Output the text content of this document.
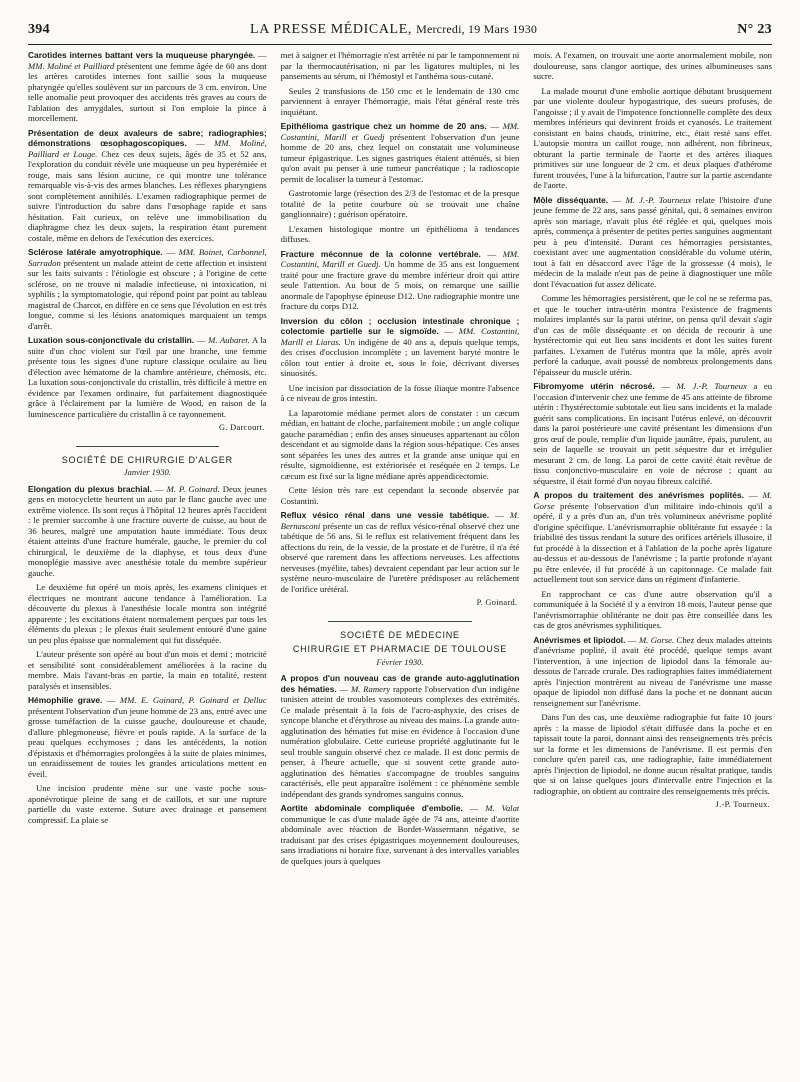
394	LA PRESSE MÉDICALE, Mercredi, 19 Mars 1930	N° 23

Carotides internes battant vers la muqueuse pharyngée. — MM. Moliné et Pailliard présentent une femme âgée de 60 ans dont les artères carotides internes font saillie sous la muqueuse pharyngée qu'elles soulèvent sur un parcours de 3 cm. environ. Une telle anomalie peut provoquer des accidents très graves au cours de l'ablation des amygdales, surtout si l'on emploie la pince à morcellement.

Présentation de deux avaleurs de sabre; radiographies; démonstrations œsophagoscopiques. — MM. Moliné, Pailliard et Louge. Chez ces deux sujets, âgés de 35 et 52 ans, l'exploration du conduit révèle une muqueuse un peu hyperémiée et rouge, mais sans lésion aucune, ce qui montre une tolérance remarquable vis-à-vis des armes blanches. Les réflexes pharyngiens sont complètement annihilés. L'examen radiographique permet de suivre l'introduction du sabre dans l'œsophage rapide et sans hésitation. Fait curieux, on relève une immobilisation du diaphragme chez les deux sujets, la respiration étant purement costale, même en dehors de l'exécution des exercices.

Sclérose latérale amyotrophique. — MM. Boinet, Carbonnel, Sarradon présentent un malade atteint de cette affection et insistent sur les faits suivants : l'étiologie est obscure ; à l'origine de cette sclérose, on ne trouve ni maladie infectieuse, ni intoxication, ni syphilis ; la symptomatologie, qui répond point par point au tableau magistral de Charcot, en diffère en ce sens que l'évolution en est très longue, comme si les lésions anatomiques marquaient un temps d'arrêt.

Luxation sous-conjonctivale du cristallin. — M. Aubaret. A la suite d'un choc violent sur l'œil par une branche, une femme présente tous les signes d'une rupture classique oculaire au lieu d'élection avec hématome de la chambre antérieure, chémosis, etc. La luxation sous-conjonctivale du cristallin, très difficile à mettre en évidence par l'examen ordinaire, fut parfaitement diagnostiquée grâce à l'éclairement par la lumière de Wood, en raison de la luminescence particulière du cristallin à ce rayonnement.

G. Darcourt.
SOCIÉTÉ DE CHIRURGIE D'ALGER
Janvier 1930.

Elongation du plexus brachial. — M. P. Goinard. Deux jeunes gens en motocyclette heurtent un auto par le flanc gauche avec une extrême violence. Ils sont reçus à l'hôpital 12 heures après l'accident : le premier succombe à une fracture ouverte de cuisse, au bout de 36 heures, malgré une amputation haute immédiate. Tous deux étaient atteints d'une fracture humérale, gauche, le premier du col chirurgical, le deuxième de la diaphyse, et tous deux d'une monoplégie massive avec anesthésie totale du membre supérieur gauche.

Le deuxième fut opéré un mois après, les examens cliniques et électriques ne montrant aucune tendance à l'amélioration. La découverte du plexus à l'anesthésie locale montra son intégrité apparente ; les excitations étaient normalement perçues par tous les éléments du plexus ; le plexus était seulement entouré d'une gaine un peu plus épaisse que normalement qui fut disséquée.

L'auteur présente son opéré au bout d'un mois et demi ; motricité et sensibilité sont considérablement améliorées à la racine du membre. Mais l'avant-bras en partie, la main en totalité, restent paralysés et insensibles.

Hémophilie grave. — MM. E. Goinard, P. Goinard et Delluc présentent l'observation d'un jeune homme de 23 ans, entré avec une grosse tuméfaction de la cuisse gauche, douloureuse et chaude, d'allure phlegmoneuse, fièvre et pouls rapide. A la surface de la peau quelques ecchymoses ; dans les antécédents, la notion d'épistaxis et d'hémorragies prolongées à la suite de plaies minimes, un enraidissement de toutes les grandes articulations mettent en éveil.

Une incision prudente mène sur une vaste poche sous-aponévrotique pleine de sang et de caillots, et sur une rupture partielle du vaste externe. Suture avec drainage et pansement compressif. La plaie se

met à saigner et l'hémorragie n'est arrêtée ni par le tamponnement ni par la thermocautérisation, ni par les ligatures multiples, ni les pansements au sérum, ni l'hémostyl et l'anthéma sous-cutané.

Seules 2 transfusions de 150 cmc et le lendemain de 130 cmc parviennent à enrayer l'hémorragie, mais l'état général reste très inquiétant.

Epithélioma gastrique chez un homme de 20 ans. — MM. Costantini, Marill et Guedj présentent l'observation d'un jeune homme de 20 ans, chez lequel on constatait une volumineuse tumeur épigastrique. Les signes gastriques étaient atténués, si bien qu'on avait pu penser à une tumeur pancréatique ; la radioscopie permit de localiser la tumeur à l'estomac.

Gastrotomie large (résection des 2/3 de l'estomac et de la presque totalité de la petite courbure où se trouvait une chaîne ganglionnaire) ; guérison opératoire.

L'examen histologique montre un épithélioma à tendances diffuses.

Fracture méconnue de la colonne vertébrale. — MM. Costantini, Marill et Guedj. Un homme de 35 ans est longuement traité pour une fracture grave du membre inférieur droit qui attire seule l'attention. Au bout de 5 mois, on remarque une saillie anormale de l'apophyse épineuse D12. Une radiographie montre une fracture du corps D12.

Inversion du côlon ; occlusion intestinale chronique ; colectomie partielle sur le sigmoïde. — MM. Costantini, Marill et Liaras. Un indigène de 40 ans a, depuis quelque temps, des crises d'occlusion incomplète ; un lavement baryté montre le côlon tout entier à droite et, sous le foie, décrivant diverses sinuosités.

Une incision par dissociation de la fosse iliaque montre l'absence à ce niveau de gros intestin.

La laparotomie médiane permet alors de constater : un cæcum médian, en battant de cloche, parfaitement mobile ; un angle colique gauche paramédian ; enfin des anses sinueuses appartenant au côlon descendant et au sigmoïde dans la région sous-hépatique. Ces anses sont séparées les unes des autres et la grande anse unique qui en résulte, sigmoïdienne, est extériorisée et reséquée en 2 temps. Le cæcum est fixé sur la ligne médiane après appendicectomie.

Cette lésion très rare est cependant la seconde observée par Costantini.

Reflux vésico rénal dans une vessie tabétique. — M. Bernasconi présente un cas de reflux vésico-rénal observé chez une tabétique de 56 ans. Si le reflux est relativement fréquent dans les affections du rein, de la vessie, de la prostate et de l'urètre, il n'a été observé que rarement dans les affections nerveuses. Les affections nerveuses (myélite, tabes) devraient cependant par leur action sur le système neuro-musculaire de l'uretère prédisposer au relâchement de l'orifice urétéral.

P. Goinard.
SOCIÉTÉ DE MÉDECINE
CHIRURGIE ET PHARMACIE DE TOULOUSE
Février 1930.

A propos d'un nouveau cas de grande auto-agglutination des hématies. — M. Ramery rapporte l'observation d'un indigène tunisien atteint de troubles vasomoteurs complexes des extrémités. Ce malade présentait à la fois de l'acro-asphyxie, des crises de syncope blanche et d'érythrose au niveau des mains. La grande auto-agglutination des hématies fut mise en évidence à l'occasion d'une numération globulaire. Cette curieuse propriété agglutinante fut le seul trouble sanguin observé chez ce malade. Il est donc permis de penser, à l'heure actuelle, que si souvent cette grande auto-agglutination des hématies s'accompagne de troubles sanguins caractérisés, elle peut apparaître isolément : ce phénomène semble indépendant des grands syndromes sanguins connus.

Aortite abdominale compliquée d'embolie. — M. Valat communique le cas d'une malade âgée de 74 ans, atteinte d'aortite abdominale avec réaction de Bordet-Wassermann négative, se traduisant par des crises épigastriques moyennement douloureuses, sans irradiations ni horaire fixe, survenant à des intervalles variables de quelques jours à quelques

mois. A l'examen, on trouvait une aorte anormalement mobile, non douloureuse, sans clangor aortique, des urines albumineuses sans sucre.

La malade mourut d'une embolie aortique débutant brusquement par une violente douleur hypogastrique, des sueurs profuses, de l'angoisse ; il y avait de l'impotence fonctionnelle complète des deux membres inférieurs qui devinrent froids et cyanosés. Le traitement consistant en bains chauds, trinitrine, etc., était resté sans effet. L'autopsie montra un caillot rouge, non adhérent, non fibrineux, obturant la partie terminale de l'aorte et des artères iliaques primitives sur une longueur de 2 cm. et deux plaques d'athérome furent trouvées, l'une à la bifurcation, l'autre sur la partie ascendante de l'aorte.

Môle disséquante. — M. J.-P. Tourneux relate l'histoire d'une jeune femme de 22 ans, sans passé génital, qui, 8 semaines environ après son mariage, n'avait plus été réglée et qui, quelques mois après, commença à présenter de petites pertes sanguines augmentant peu à peu d'intensité. Durant ces hémorragies persistantes, coexistant avec une augmentation considérable du volume utérin, tout à fait en désaccord avec l'âge de la grossesse (4 mois), le médecin de la malade n'eut pas de peine à diagnostiquer une môle dont l'évacuation fut assez délicate.

Comme les hémorragies persistèrent, que le col ne se referma pas, et que le toucher intra-utérin montra l'existence de fragments molaires implantés sur la paroi utérine, on pensa qu'il devait s'agir d'un cas de môle disséquante et on décida de recourir à une hystérectomie qui eut lieu sans incidents et dont les suites furent parfaites. L'examen de l'utérus montra que la môle, après avoir perforé la caduque, avait poussé de nombreux prolongements dans l'épaisseur du muscle utérin.

Fibromyome utérin nécrosé. — M. J.-P. Tourneux a eu l'occasion d'intervenir chez une femme de 45 ans atteinte de fibrome utérin : l'hystérectomie subtotale eut lieu sans incidents et la malade guérit sans complications. En incisant l'utérus enlevé, on découvrit dans la paroi postérieure une cavité présentant les dimensions d'un gros œuf de poule, remplie d'un liquide jaunâtre, épais, purulent, au sein de laquelle se trouvait un petit séquestre dur et irrégulier mesurant 2 cm. de long. La paroi de cette cavité était revêtue de tissu conjonctivo-musculaire en voie de nécrose ; quant au séquestre, il était formé d'un noyau fibreux calcifié.

A propos du traitement des anévrismes poplités. — M. Gorse présente l'observation d'un militaire indo-chinois qu'il a opéré, il y a près d'un an, d'un très volumineux anévrisme poplité d'origine spécifique. L'anévrismorraphie oblitérante fut essayée : la friabilité des tissus rendant la suture des orifices artériels illusoire, il fut procédé à la dissection et à l'ablation de la poche après ligature au-dessus et au-dessous de l'anévrisme ; la partie profonde n'ayant pu être enlevée, il fut procédé à un capitonnage. Ce malade fait actuellement tout son service dans un régiment d'infanterie.

En rapprochant ce cas d'une autre observation qu'il a communiquée à la Société il y a environ 18 mois, l'auteur pense que l'anévrismorraphie oblitérante ne doit pas être conseillée dans les cas de gros anévrismes syphilitiques.

Anévrismes et lipiodol. — M. Gorse. Chez deux malades atteints d'anévrisme poplité, il avait été procédé, quelque temps avant l'intervention, à une injection de lipiodol dans la fémorale au-dessous de l'arcade crurale. Des radiographies faites immédiatement après l'injection montrèrent au niveau de l'anévrisme une masse opaque de lipiodol non diffusé dans la poche et ne donnant aucun renseignement sur l'anévrisme.

Dans l'un des cas, une deuxième radiographie fut faite 10 jours après : la masse de lipiodol s'était diffusée dans la poche et en tapissait toute la paroi, donnant ainsi des renseignements très précis sur la forme et les dimensions de l'anévrisme. Il est permis d'en conclure qu'en pareil cas, une radiographie, faite immédiatement après l'injection de lipiodol, ne donne aucun résultat pratique, tandis que si on laisse quelques jours d'intervalle entre l'injection et la radiographie, on obtient au contraire des renseignements très précis.

J.-P. Tourneux.
